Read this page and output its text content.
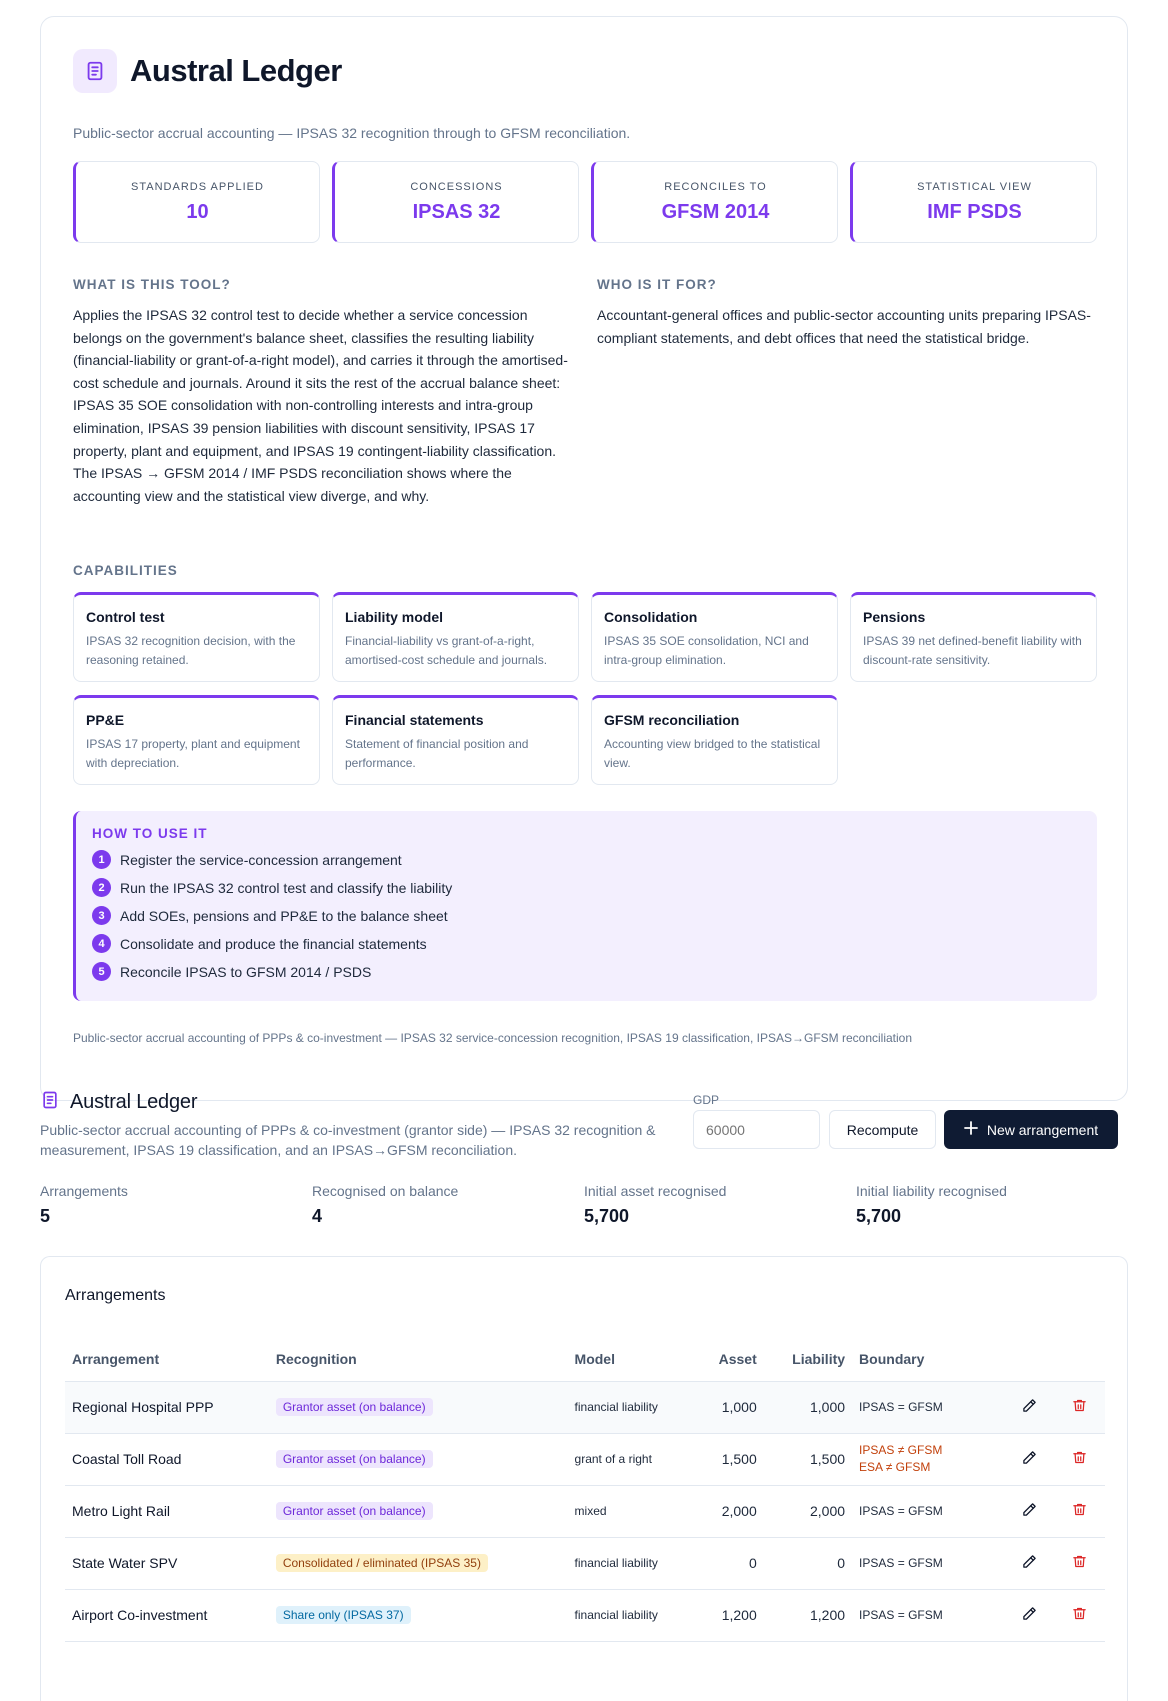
Austral Ledger
Public-sector accrual accounting — IPSAS 32 recognition through to GFSM reconciliation.
STANDARDS APPLIED
10
CONCESSIONS
IPSAS 32
RECONCILES TO
GFSM 2014
STATISTICAL VIEW
IMF PSDS
WHAT IS THIS TOOL?
Applies the IPSAS 32 control test to decide whether a service concession belongs on the government's balance sheet, classifies the resulting liability (financial-liability or grant-of-a-right model), and carries it through the amortised-cost schedule and journals. Around it sits the rest of the accrual balance sheet: IPSAS 35 SOE consolidation with non-controlling interests and intra-group elimination, IPSAS 39 pension liabilities with discount sensitivity, IPSAS 17 property, plant and equipment, and IPSAS 19 contingent-liability classification. The IPSAS → GFSM 2014 / IMF PSDS reconciliation shows where the accounting view and the statistical view diverge, and why.
WHO IS IT FOR?
Accountant-general offices and public-sector accounting units preparing IPSAS-compliant statements, and debt offices that need the statistical bridge.
CAPABILITIES
Control test
IPSAS 32 recognition decision, with the reasoning retained.
Liability model
Financial-liability vs grant-of-a-right, amortised-cost schedule and journals.
Consolidation
IPSAS 35 SOE consolidation, NCI and intra-group elimination.
Pensions
IPSAS 39 net defined-benefit liability with discount-rate sensitivity.
PP&E
IPSAS 17 property, plant and equipment with depreciation.
Financial statements
Statement of financial position and performance.
GFSM reconciliation
Accounting view bridged to the statistical view.
HOW TO USE IT
1	Register the service-concession arrangement
2	Run the IPSAS 32 control test and classify the liability
3	Add SOEs, pensions and PP&E to the balance sheet
4	Consolidate and produce the financial statements
5	Reconcile IPSAS to GFSM 2014 / PSDS
Public-sector accrual accounting of PPPs & co-investment — IPSAS 32 service-concession recognition, IPSAS 19 classification, IPSAS→GFSM reconciliation
Austral Ledger
Public-sector accrual accounting of PPPs & co-investment (grantor side) — IPSAS 32 recognition & measurement, IPSAS 19 classification, and an IPSAS→GFSM reconciliation.
GDP
60000
Recompute	New arrangement
Arrangements
5
Recognised on balance
4
Initial asset recognised
5,700
Initial liability recognised
5,700
Arrangements
Arrangement	Recognition	Model	Asset	Liability	Boundary		
Regional Hospital PPP	Grantor asset (on balance)	financial liability	1,000	1,000	IPSAS = GFSM

Coastal Toll Road	Grantor asset (on balance)	grant of a right	1,500	1,500	IPSAS ≠ GFSM
ESA ≠ GFSM

Metro Light Rail	Grantor asset (on balance)	mixed	2,000	2,000	IPSAS = GFSM

State Water SPV	Consolidated / eliminated (IPSAS 35)	financial liability	0	0	IPSAS = GFSM

Airport Co-investment	Share only (IPSAS 37)	financial liability	1,200	1,200	IPSAS = GFSM
